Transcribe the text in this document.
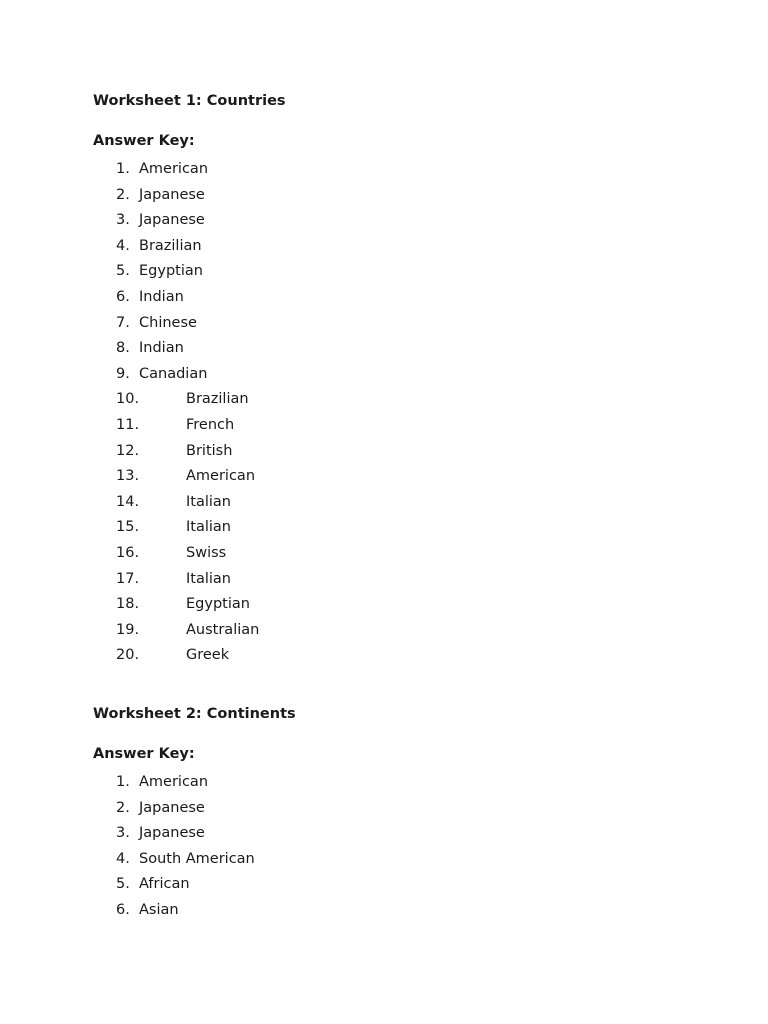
Worksheet 1: Countries
Answer Key:
1. American
2. Japanese
3. Japanese
4. Brazilian
5. Egyptian
6. Indian
7. Chinese
8. Indian
9. Canadian
10.	Brazilian
11.	French
12.	British
13.	American
14.	Italian
15.	Italian
16.	Swiss
17.	Italian
18.	Egyptian
19.	Australian
20.	Greek
Worksheet 2: Continents
Answer Key:
1. American
2. Japanese
3. Japanese
4. South American
5. African
6. Asian
